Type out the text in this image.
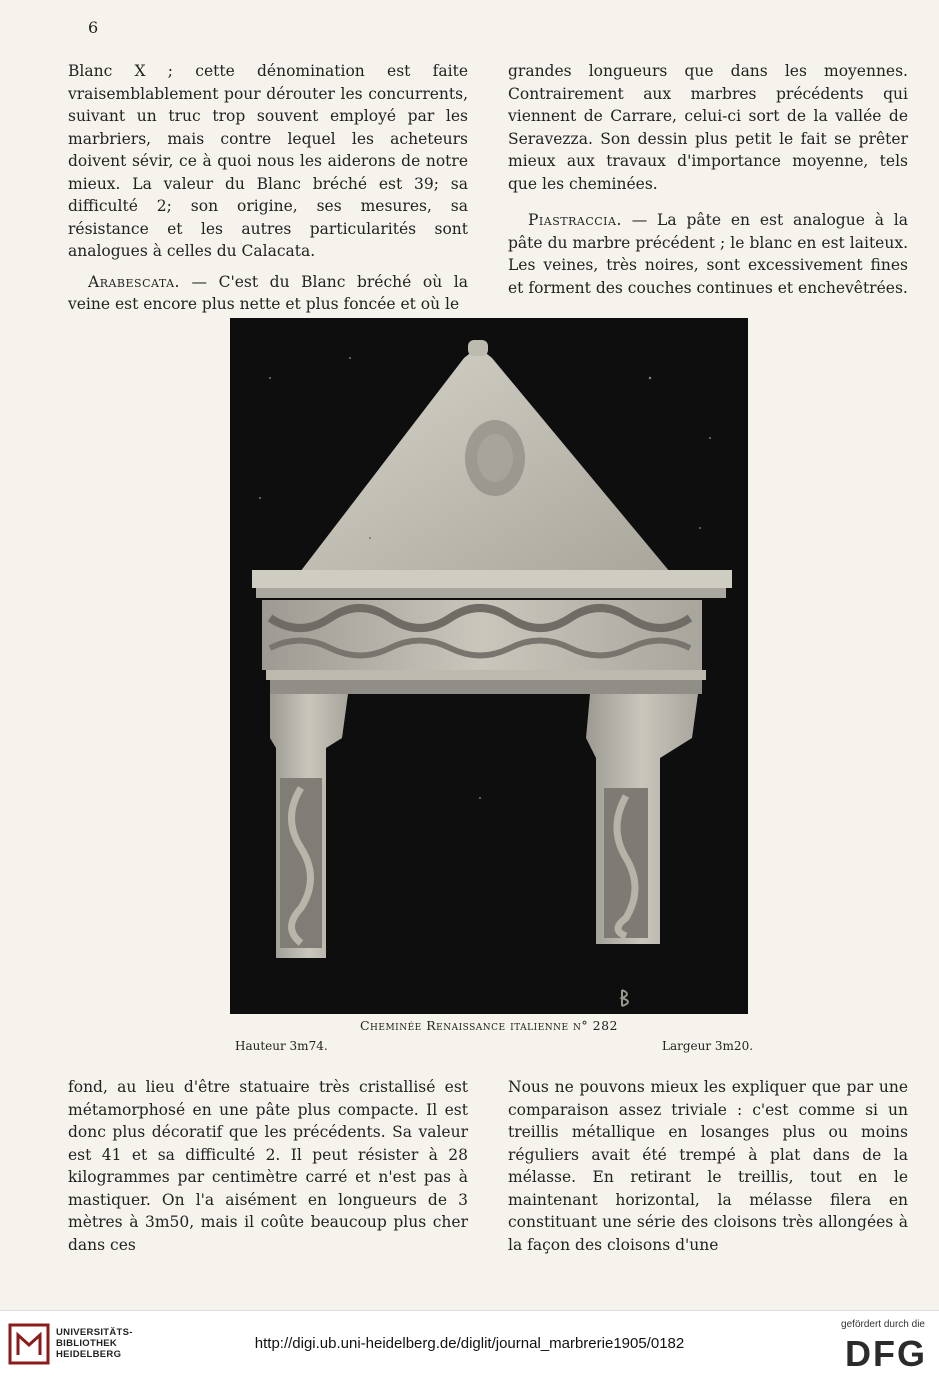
6

Blanc X ; cette dénomination est faite vraisemblablement pour dérouter les concurrents, suivant un truc trop souvent employé par les marbriers, mais contre lequel les acheteurs doivent sévir, ce à quoi nous les aiderons de notre mieux. La valeur du Blanc bréché est 39; sa difficulté 2; son origine, ses mesures, sa résistance et les autres particularités sont analogues à celles du Calacata.

Arabescata. — C'est du Blanc bréché où la veine est encore plus nette et plus foncée et où le

grandes longueurs que dans les moyennes. Contrairement aux marbres précédents qui viennent de Carrare, celui-ci sort de la vallée de Seravezza. Son dessin plus petit le fait se prêter mieux aux travaux d'importance moyenne, tels que les cheminées.

Piastraccia. — La pâte en est analogue à la pâte du marbre précédent ; le blanc en est laiteux. Les veines, très noires, sont excessivement fines et forment des couches continues et enchevêtrées.

Cheminée Renaissance italienne n° 282
Hauteur 3m74.	Largeur 3m20.

fond, au lieu d'être statuaire très cristallisé est métamorphosé en une pâte plus compacte. Il est donc plus décoratif que les précédents. Sa valeur est 41 et sa difficulté 2. Il peut résister à 28 kilogrammes par centimètre carré et n'est pas à mastiquer. On l'a aisément en longueurs de 3 mètres à 3m50, mais il coûte beaucoup plus cher dans ces

Nous ne pouvons mieux les expliquer que par une comparaison assez triviale : c'est comme si un treillis métallique en losanges plus ou moins réguliers avait été trempé à plat dans de la mélasse. En retirant le treillis, tout en le maintenant horizontal, la mélasse filera en constituant une série des cloisons très allongées à la façon des cloisons d'une

UNIVERSITÄTS-
BIBLIOTHEK
HEIDELBERG
http://digi.ub.uni-heidelberg.de/diglit/journal_marbrerie1905/0182
gefördert durch die
DFG
